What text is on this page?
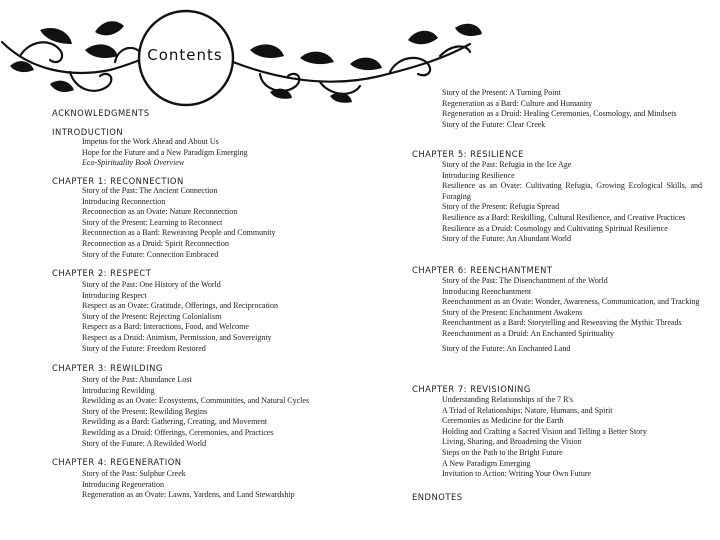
Contents
ACKNOWLEDGMENTS
INTRODUCTION
Impetus for the Work Ahead and About Us
Hope for the Future and a New Paradigm Emerging
Eco-Spirituality Book Overview
CHAPTER 1: RECONNECTION
Story of the Past: The Ancient Connection
Introducing Reconnection
Reconnection as an Ovate: Nature Reconnection
Story of the Present: Learning to Reconnect
Reconnection as a Bard: Reweaving People and Community
Reconnection as a Druid: Spirit Reconnection
Story of the Future: Connection Embraced
CHAPTER 2: RESPECT
Story of the Past: One History of the World
Introducing Respect
Respect as an Ovate: Gratitude, Offerings, and Reciprocation
Story of the Present: Rejecting Colonialism
Respect as a Bard: Interactions, Food, and Welcome
Respect as a Druid: Animism, Permission, and Sovereignty
Story of the Future: Freedom Restored
CHAPTER 3: REWILDING
Story of the Past: Abundance Lost
Introducing Rewilding
Rewilding as an Ovate: Ecosystems, Communities, and Natural Cycles
Story of the Present: Rewilding Begins
Rewilding as a Bard: Gathering, Creating, and Movement
Rewilding as a Druid: Offerings, Ceremonies, and Practices
Story of the Future: A Rewilded World
CHAPTER 4: REGENERATION
Story of the Past: Sulphur Creek
Introducing Regeneration
Regeneration as an Ovate: Lawns, Yardens, and Land Stewardship
Story of the Present: A Turning Point
Regeneration as a Bard: Culture and Humanity
Regeneration as a Druid: Healing Ceremonies, Cosmology, and Mindsets
Story of the Future: Clear Creek
CHAPTER 5: RESILIENCE
Story of the Past: Refugia in the Ice Age
Introducing Resilience
Resilience as an Ovate: Cultivating Refugia, Growing Ecological Skills, and Foraging
Story of the Present: Refugia Spread
Resilience as a Bard: Reskilling, Cultural Resilience, and Creative Practices
Resilience as a Druid: Cosmology and Cultivating Spiritual Resilience
Story of the Future: An Abundant World
CHAPTER 6: REENCHANTMENT
Story of the Past: The Disenchantment of the World
Introducing Reenchantment
Reenchantment as an Ovate: Wonder, Awareness, Communication, and Tracking
Story of the Present: Enchantment Awakens
Reenchantment as a Bard: Storytelling and Reweaving the Mythic Threads
Reenchantment as a Druid: An Enchanted Spirituality
Story of the Future: An Enchanted Land
CHAPTER 7: REVISIONING
Understanding Relationships of the 7 R's
A Triad of Relationships: Nature, Humans, and Spirit
Ceremonies as Medicine for the Earth
Holding and Crafting a Sacred Vision and Telling a Better Story
Living, Sharing, and Broadening the Vision
Steps on the Path to the Bright Future
A New Paradigm Emerging
Invitation to Action: Writing Your Own Future
ENDNOTES
